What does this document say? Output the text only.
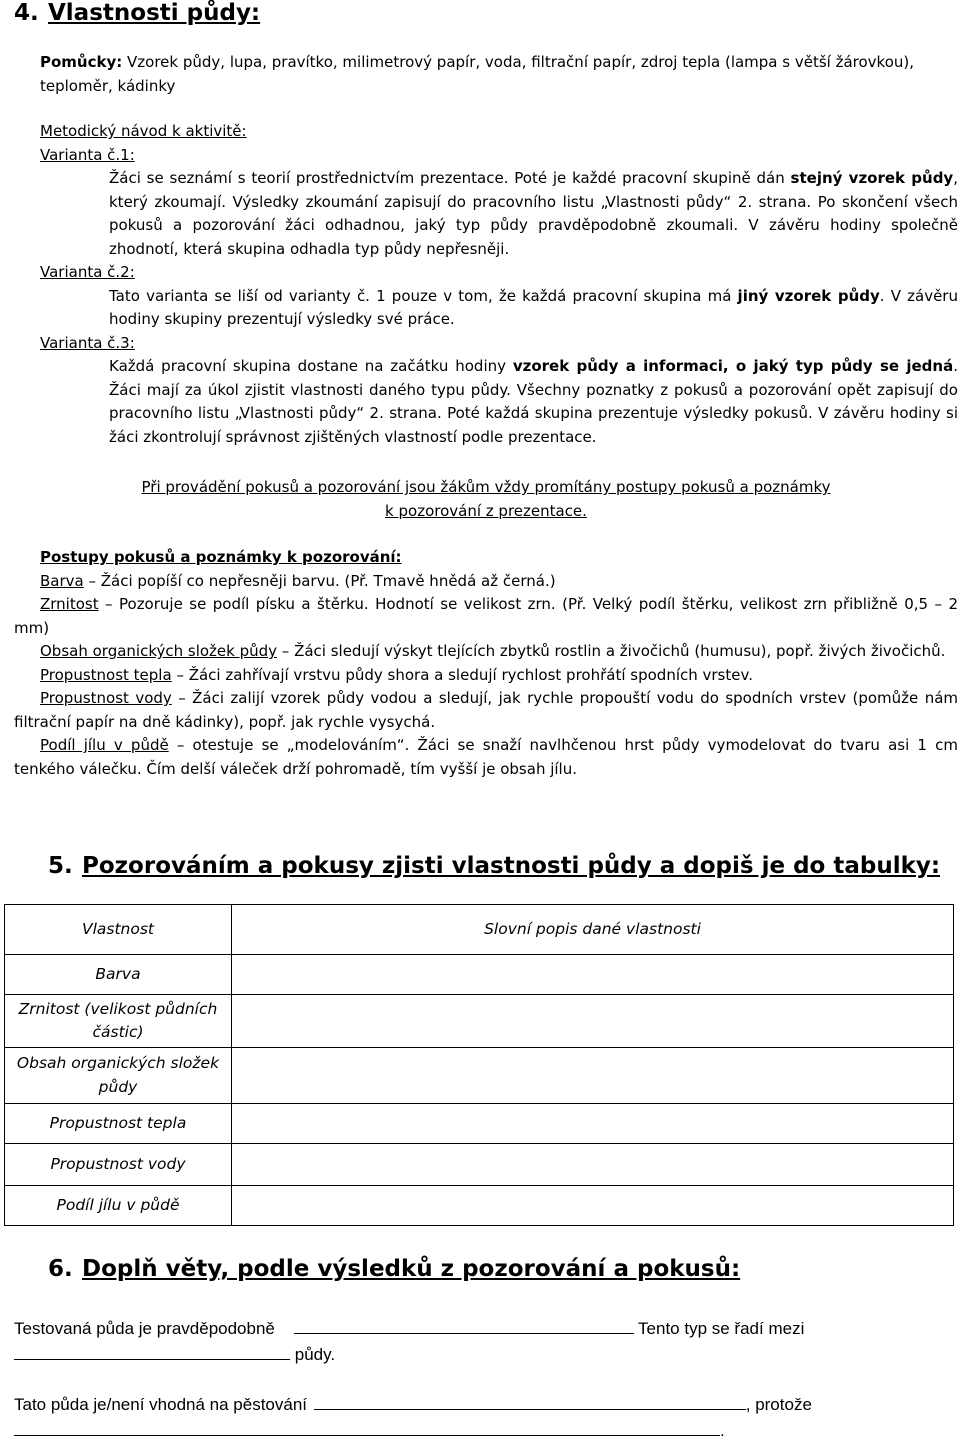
4. Vlastnosti půdy:

Pomůcky: Vzorek půdy, lupa, pravítko, milimetrový papír, voda, filtrační papír, zdroj tepla (lampa s větší žárovkou), teploměr, kádinky

Metodický návod k aktivitě:

Varianta č.1:

Žáci se seznámí s teorií prostřednictvím prezentace. Poté je každé pracovní skupině dán stejný vzorek půdy, který zkoumají. Výsledky zkoumání zapisují do pracovního listu „Vlastnosti půdy“ 2. strana. Po skončení všech pokusů a pozorování žáci odhadnou, jaký typ půdy pravděpodobně zkoumali. V závěru hodiny společně zhodnotí, která skupina odhadla typ půdy nepřesněji.

Varianta č.2:

Tato varianta se liší od varianty č. 1 pouze v tom, že každá pracovní skupina má jiný vzorek půdy. V závěru hodiny skupiny prezentují výsledky své práce.

Varianta č.3:

Každá pracovní skupina dostane na začátku hodiny vzorek půdy a informaci, o jaký typ půdy se jedná. Žáci mají za úkol zjistit vlastnosti daného typu půdy. Všechny poznatky z pokusů a pozorování opět zapisují do pracovního listu „Vlastnosti půdy“ 2. strana. Poté každá skupina prezentuje výsledky pokusů. V závěru hodiny si žáci zkontrolují správnost zjištěných vlastností podle prezentace.

Při provádění pokusů a pozorování jsou žákům vždy promítány postupy pokusů a poznámky

k pozorování z prezentace.

Postupy pokusů a poznámky k pozorování:

Barva – Žáci popíší co nepřesněji barvu. (Př. Tmavě hnědá až černá.)

Zrnitost – Pozoruje se podíl písku a štěrku. Hodnotí se velikost zrn. (Př. Velký podíl štěrku, velikost zrn přibližně 0,5 – 2 mm)

Obsah organických složek půdy – Žáci sledují výskyt tlejících zbytků rostlin a živočichů (humusu), popř. živých živočichů.

Propustnost tepla – Žáci zahřívají vrstvu půdy shora a sledují rychlost prohřátí spodních vrstev.

Propustnost vody – Žáci zalijí vzorek půdy vodou a sledují, jak rychle propouští vodu do spodních vrstev (pomůže nám filtrační papír na dně kádinky), popř. jak rychle vysychá.

Podíl jílu v půdě – otestuje se „modelováním“. Žáci se snaží navlhčenou hrst půdy vymodelovat do tvaru asi 1 cm tenkého válečku. Čím delší váleček drží pohromadě, tím vyšší je obsah jílu.

5. Pozorováním a pokusy zjisti vlastnosti půdy a dopiš je do tabulky:
Vlastnost	Slovní popis dané vlastnosti
Barva	
Zrnitost (velikost půdních částic)	
Obsah organických složek půdy	
Propustnost tepla	
Propustnost vody	
Podíl jílu v půdě	
6. Doplň věty, podle výsledků z pozorování a pokusů:
Testovaná půda je pravděpodobně	Tento typ se řadí mezi
půdy.
Tato půda je/není vhodná na pěstování	, protože
.
